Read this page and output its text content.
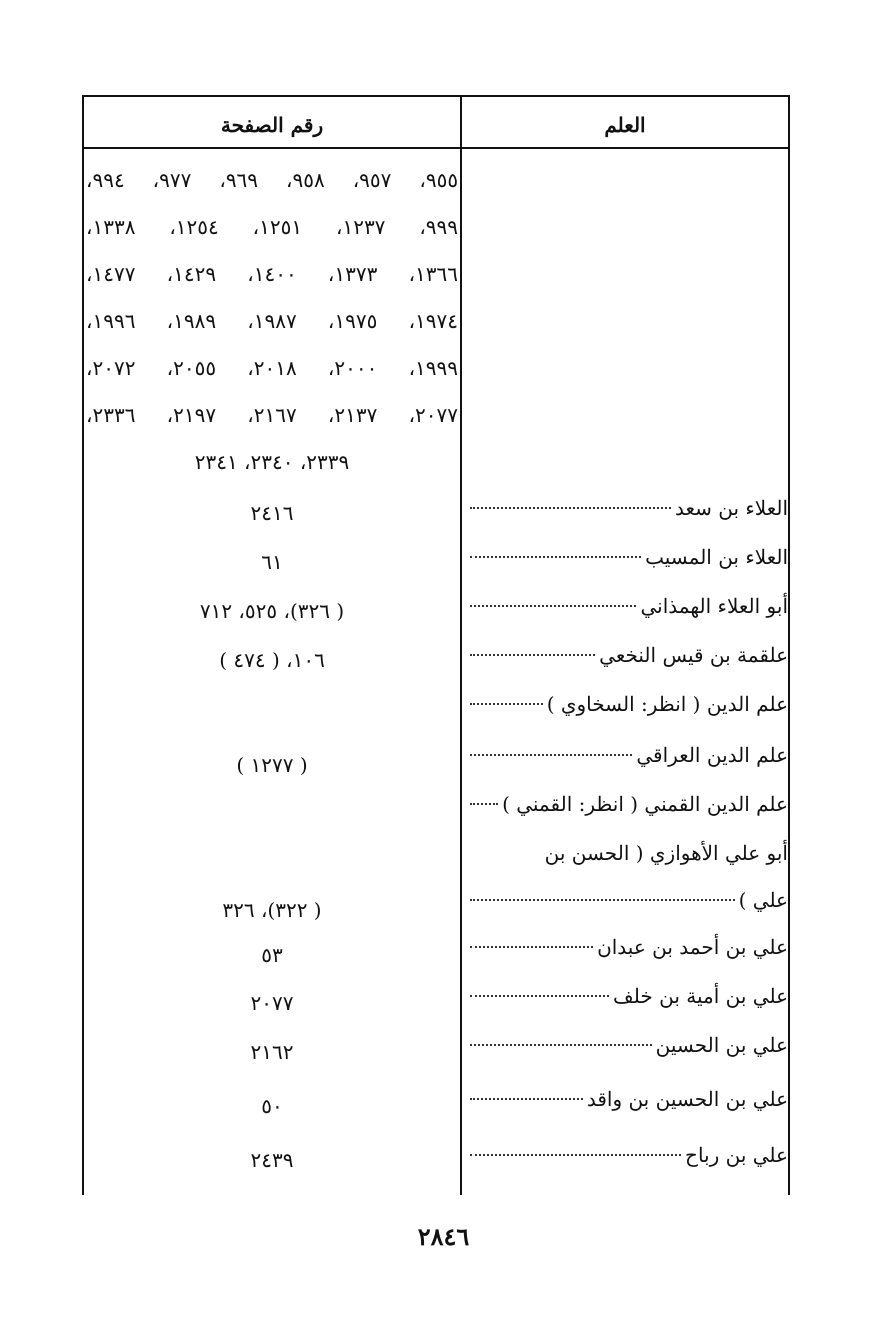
رقم الصفحة	العلم
٩٥٥، ٩٥٧، ٩٥٨، ٩٦٩، ٩٧٧، ٩٩٤،
٩٩٩، ١٢٣٧، ١٢٥١، ١٢٥٤، ١٣٣٨،
١٣٦٦، ١٣٧٣، ١٤٠٠، ١٤٢٩، ١٤٧٧،
١٩٧٤، ١٩٧٥، ١٩٨٧، ١٩٨٩، ١٩٩٦،
١٩٩٩، ٢٠٠٠، ٢٠١٨، ٢٠٥٥، ٢٠٧٢،
٢٠٧٧، ٢١٣٧، ٢١٦٧، ٢١٩٧، ٢٣٣٦،
٢٣٣٩، ٢٣٤٠، ٢٣٤١
٢٤١٦
٦١
( ٣٢٦)، ٥٢٥، ٧١٢
١٠٦، ( ٤٧٤ )
( ١٢٧٧ )
( ٣٢٢)، ٣٢٦
٥٣
٢٠٧٧
٢١٦٢
٥٠
٢٤٣٩
العلاء بن سعد
العلاء بن المسيب
أبو العلاء الهمذاني
علقمة بن قيس النخعي
علم الدين ( انظر: السخاوي )
علم الدين العراقي
علم الدين القمني ( انظر: القمني )
أبو علي الأهوازي ( الحسن بن
علي )
علي بن أحمد بن عبدان
علي بن أمية بن خلف
علي بن الحسين
علي بن الحسين بن واقد
علي بن رباح
٢٨٤٦
